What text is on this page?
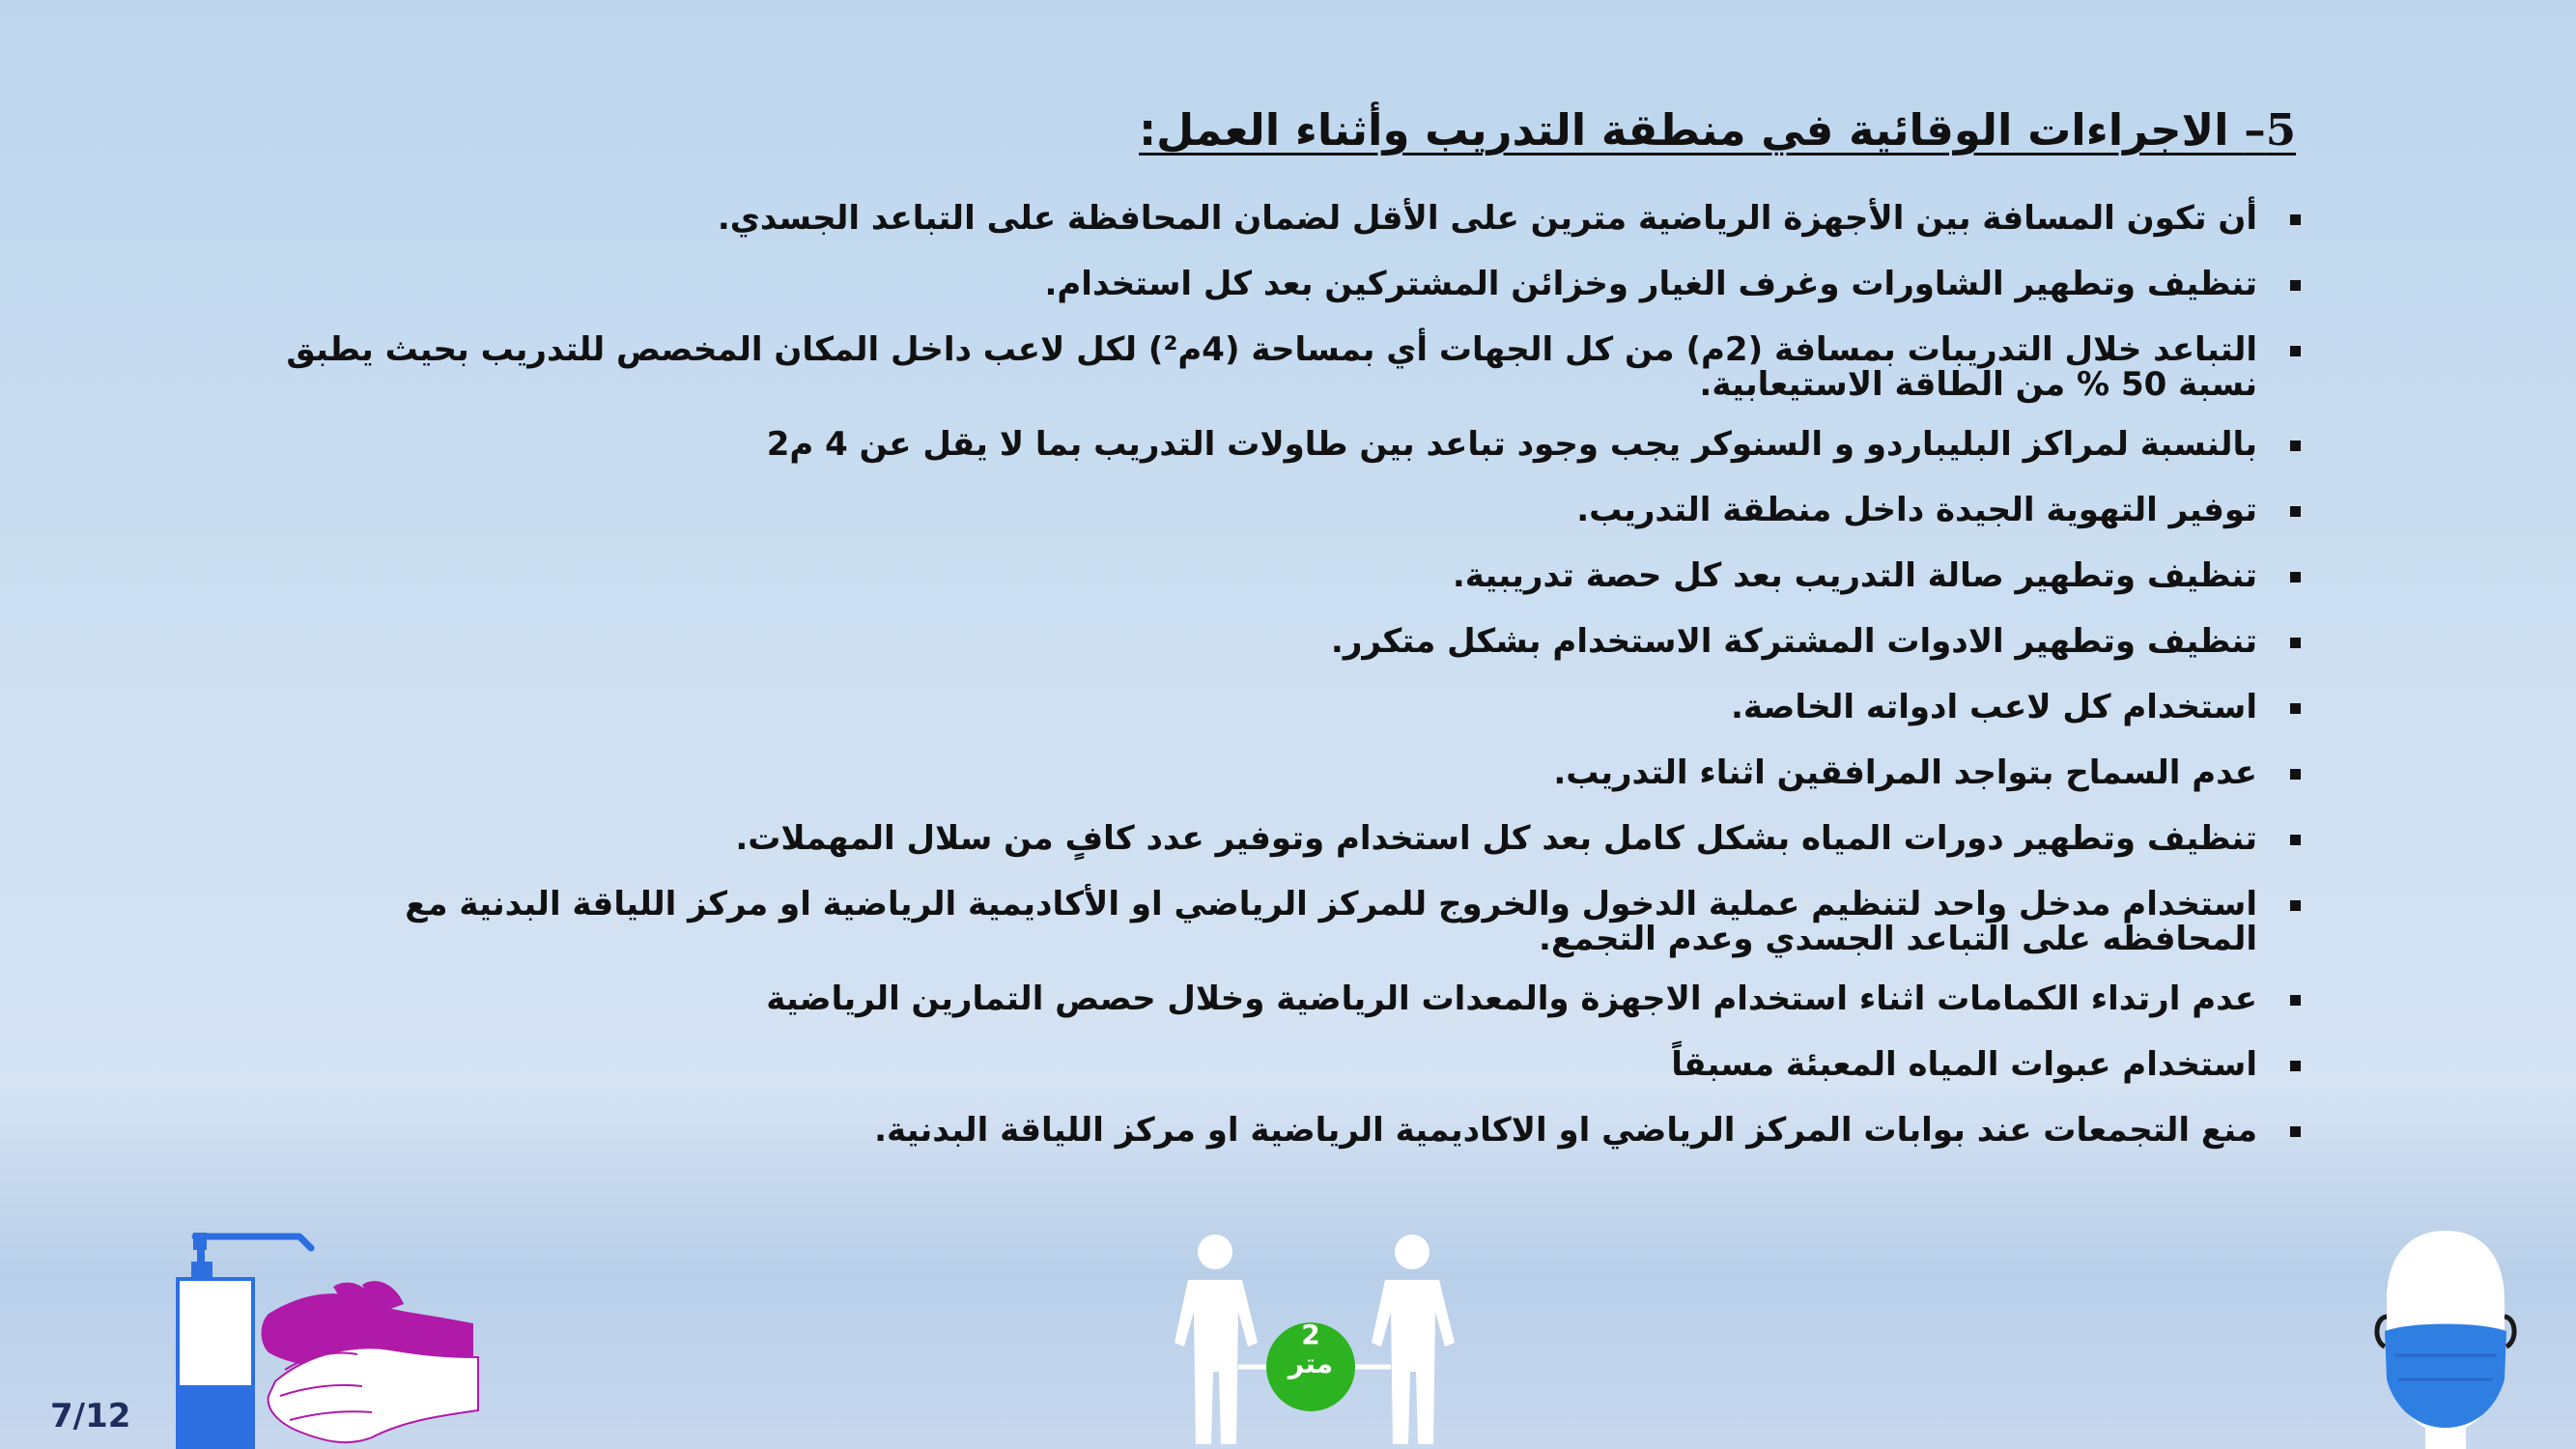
5– الاجراءات الوقائية في منطقة التدريب وأثناء العمل:
أن تكون المسافة بين الأجهزة الرياضية مترين على الأقل لضمان المحافظة على التباعد الجسدي.
تنظيف وتطهير الشاورات وغرف الغيار وخزائن المشتركين بعد كل استخدام.
التباعد خلال التدريبات بمسافة (2م) من كل الجهات أي بمساحة (4م²) لكل لاعب داخل المكان المخصص للتدريب بحيث يطبق نسبة 50 % من الطاقة الاستيعابية.
بالنسبة لمراكز البليباردو و السنوكر يجب وجود تباعد بين طاولات التدريب بما لا يقل عن 4 م2
توفير التهوية الجيدة داخل منطقة التدريب.
تنظيف وتطهير صالة التدريب بعد كل حصة تدريبية.
تنظيف وتطهير الادوات المشتركة الاستخدام بشكل متكرر.
استخدام كل لاعب ادواته الخاصة.
عدم السماح بتواجد المرافقين اثناء التدريب.
تنظيف وتطهير دورات المياه بشكل كامل بعد كل استخدام وتوفير عدد كافٍ من سلال المهملات.
استخدام مدخل واحد لتنظيم عملية الدخول والخروج للمركز الرياضي او الأكاديمية الرياضية او مركز اللياقة البدنية مع المحافظه على التباعد الجسدي وعدم التجمع.
عدم ارتداء الكمامات اثناء استخدام الاجهزة والمعدات الرياضية وخلال حصص التمارين الرياضية
استخدام عبوات المياه المعبئة مسبقاً
منع التجمعات عند بوابات المركز الرياضي او الاكاديمية الرياضية او مركز اللياقة البدنية.
7/12
2
متر
